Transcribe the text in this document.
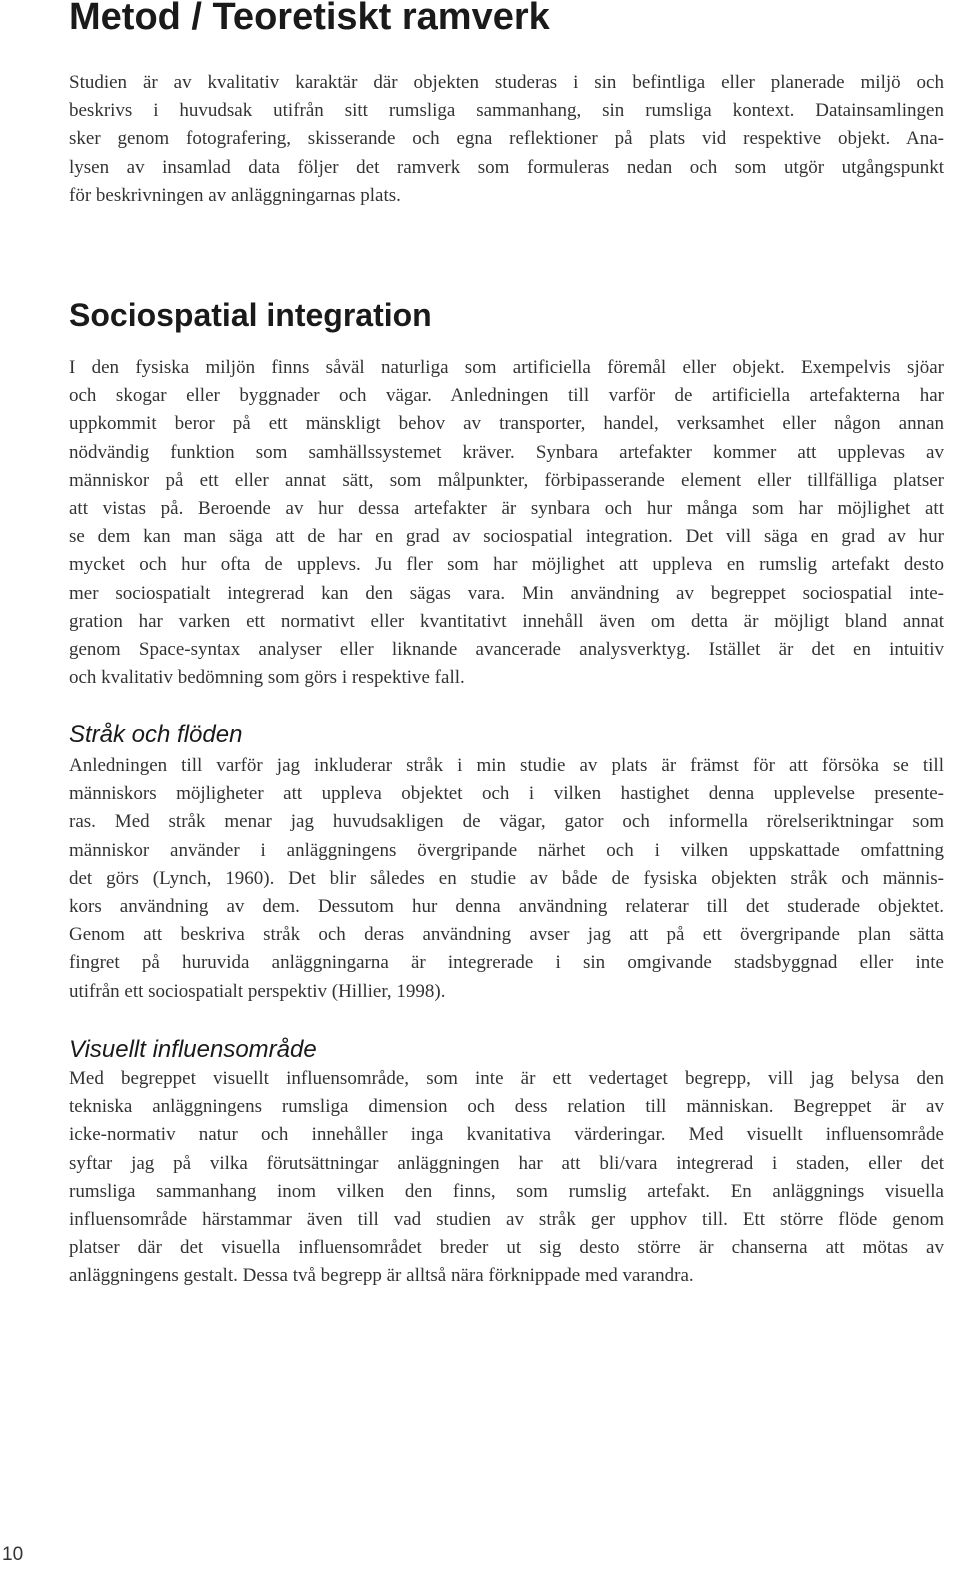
Metod / Teoretiskt ramverk
Studien är av kvalitativ karaktär där objekten studeras i sin befintliga eller planerade miljö och
beskrivs i huvudsak utifrån sitt rumsliga sammanhang, sin rumsliga kontext. Datainsamlingen
sker genom fotografering, skisserande och egna reflektioner på plats vid respektive objekt. Ana-
lysen av insamlad data följer det ramverk som formuleras nedan och som utgör utgångspunkt
för beskrivningen av anläggningarnas plats.
Sociospatial integration
I den fysiska miljön finns såväl naturliga som artificiella föremål eller objekt. Exempelvis sjöar
och skogar eller byggnader och vägar. Anledningen till varför de artificiella artefakterna har
uppkommit beror på ett mänskligt behov av transporter, handel, verksamhet eller någon annan
nödvändig funktion som samhällssystemet kräver. Synbara artefakter kommer att upplevas av
människor på ett eller annat sätt, som målpunkter, förbipasserande element eller tillfälliga platser
att vistas på. Beroende av hur dessa artefakter är synbara och hur många som har möjlighet att
se dem kan man säga att de har en grad av sociospatial integration. Det vill säga en grad av hur
mycket och hur ofta de upplevs. Ju fler som har möjlighet att uppleva en rumslig artefakt desto
mer sociospatialt integrerad kan den sägas vara. Min användning av begreppet sociospatial inte-
gration har varken ett normativt eller kvantitativt innehåll även om detta är möjligt bland annat
genom Space-syntax analyser eller liknande avancerade analysverktyg. Istället är det en intuitiv
och kvalitativ bedömning som görs i respektive fall.
Stråk och flöden
Anledningen till varför jag inkluderar stråk i min studie av plats är främst för att försöka se till
människors möjligheter att uppleva objektet och i vilken hastighet denna upplevelse presente-
ras. Med stråk menar jag huvudsakligen de vägar, gator och informella rörelseriktningar som
människor använder i anläggningens övergripande närhet och i vilken uppskattade omfattning
det görs (Lynch, 1960). Det blir således en studie av både de fysiska objekten stråk och männis-
kors användning av dem. Dessutom hur denna användning relaterar till det studerade objektet.
Genom att beskriva stråk och deras användning avser jag att på ett övergripande plan sätta
fingret på huruvida anläggningarna är integrerade i sin omgivande stadsbyggnad eller inte
utifrån ett sociospatialt perspektiv (Hillier, 1998).
Visuellt influensområde
Med begreppet visuellt influensområde, som inte är ett vedertaget begrepp, vill jag belysa den
tekniska anläggningens rumsliga dimension och dess relation till människan. Begreppet är av
icke-normativ natur och innehåller inga kvanitativa värderingar. Med visuellt influensområde
syftar jag på vilka förutsättningar anläggningen har att bli/vara integrerad i staden, eller det
rumsliga sammanhang inom vilken den finns, som rumslig artefakt. En anläggnings visuella
influensområde härstammar även till vad studien av stråk ger upphov till. Ett större flöde genom
platser där det visuella influensområdet breder ut sig desto större är chanserna att mötas av
anläggningens gestalt. Dessa två begrepp är alltså nära förknippade med varandra.
10
